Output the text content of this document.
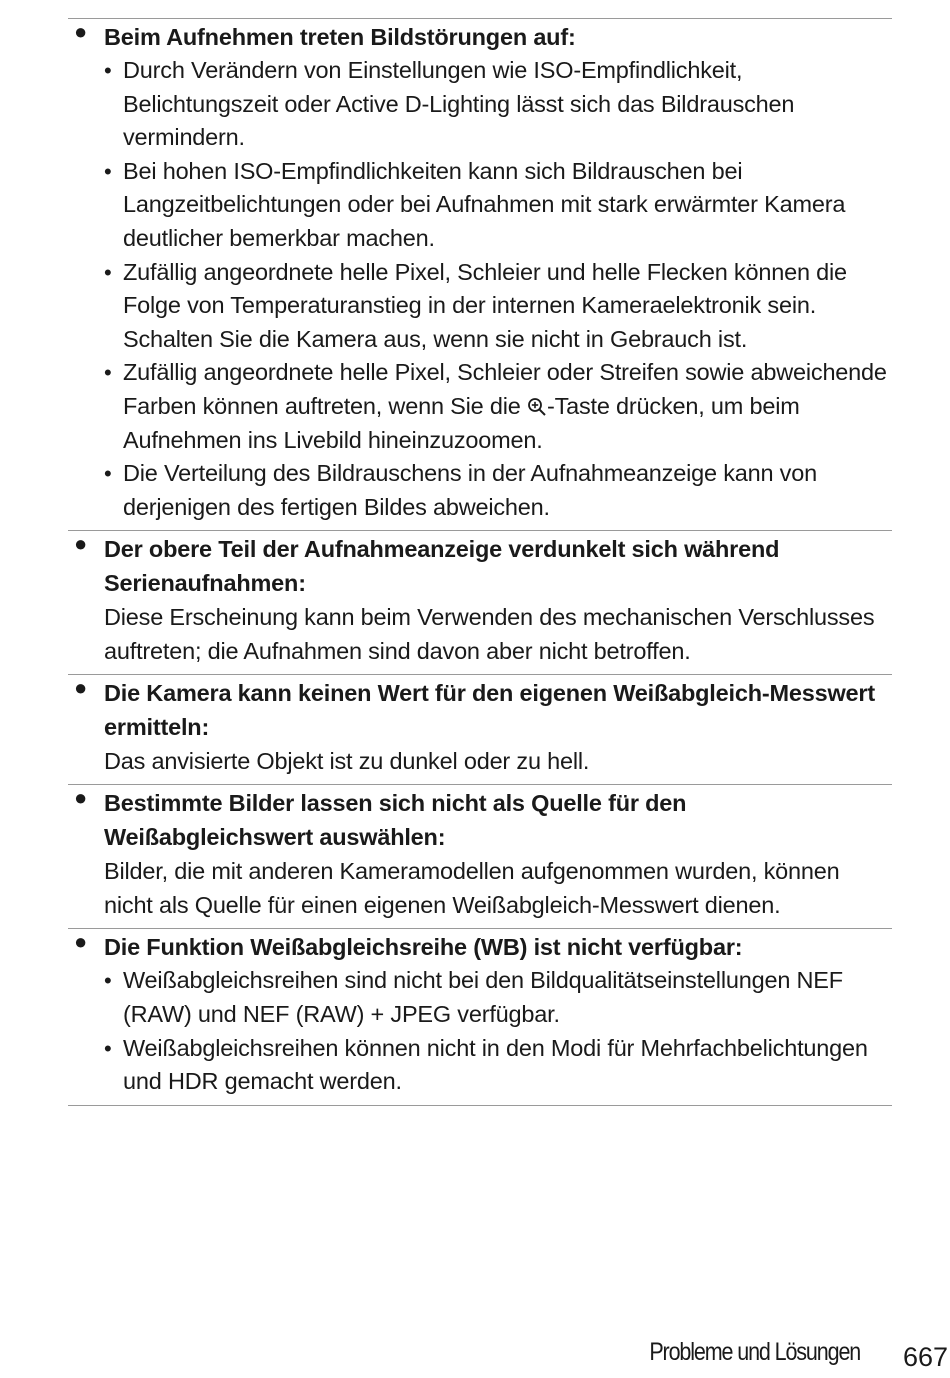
● Beim Aufnehmen treten Bildstörungen auf:
• Durch Verändern von Einstellungen wie ISO-Empfindlichkeit, Belichtungszeit oder Active D-Lighting lässt sich das Bildrauschen vermindern.
• Bei hohen ISO-Empfindlichkeiten kann sich Bildrauschen bei Langzeitbelichtungen oder bei Aufnahmen mit stark erwärmter Kamera deutlicher bemerkbar machen.
• Zufällig angeordnete helle Pixel, Schleier und helle Flecken können die Folge von Temperaturanstieg in der internen Kameraelektronik sein. Schalten Sie die Kamera aus, wenn sie nicht in Gebrauch ist.
• Zufällig angeordnete helle Pixel, Schleier oder Streifen sowie abweichende Farben können auftreten, wenn Sie die -Taste drücken, um beim Aufnehmen ins Livebild hineinzuzoomen.
• Die Verteilung des Bildrauschens in der Aufnahmeanzeige kann von derjenigen des fertigen Bildes abweichen.
● Der obere Teil der Aufnahmeanzeige verdunkelt sich während Serienaufnahmen:
Diese Erscheinung kann beim Verwenden des mechanischen Verschlusses auftreten; die Aufnahmen sind davon aber nicht betroffen.
● Die Kamera kann keinen Wert für den eigenen Weißabgleich-Messwert ermitteln:
Das anvisierte Objekt ist zu dunkel oder zu hell.
● Bestimmte Bilder lassen sich nicht als Quelle für den Weißabgleichswert auswählen:
Bilder, die mit anderen Kameramodellen aufgenommen wurden, können nicht als Quelle für einen eigenen Weißabgleich-Messwert dienen.
● Die Funktion Weißabgleichsreihe (WB) ist nicht verfügbar:
• Weißabgleichsreihen sind nicht bei den Bildqualitätseinstellungen NEF (RAW) und NEF (RAW) + JPEG verfügbar.
• Weißabgleichsreihen können nicht in den Modi für Mehrfachbelichtungen und HDR gemacht werden.
Probleme und Lösungen 667
